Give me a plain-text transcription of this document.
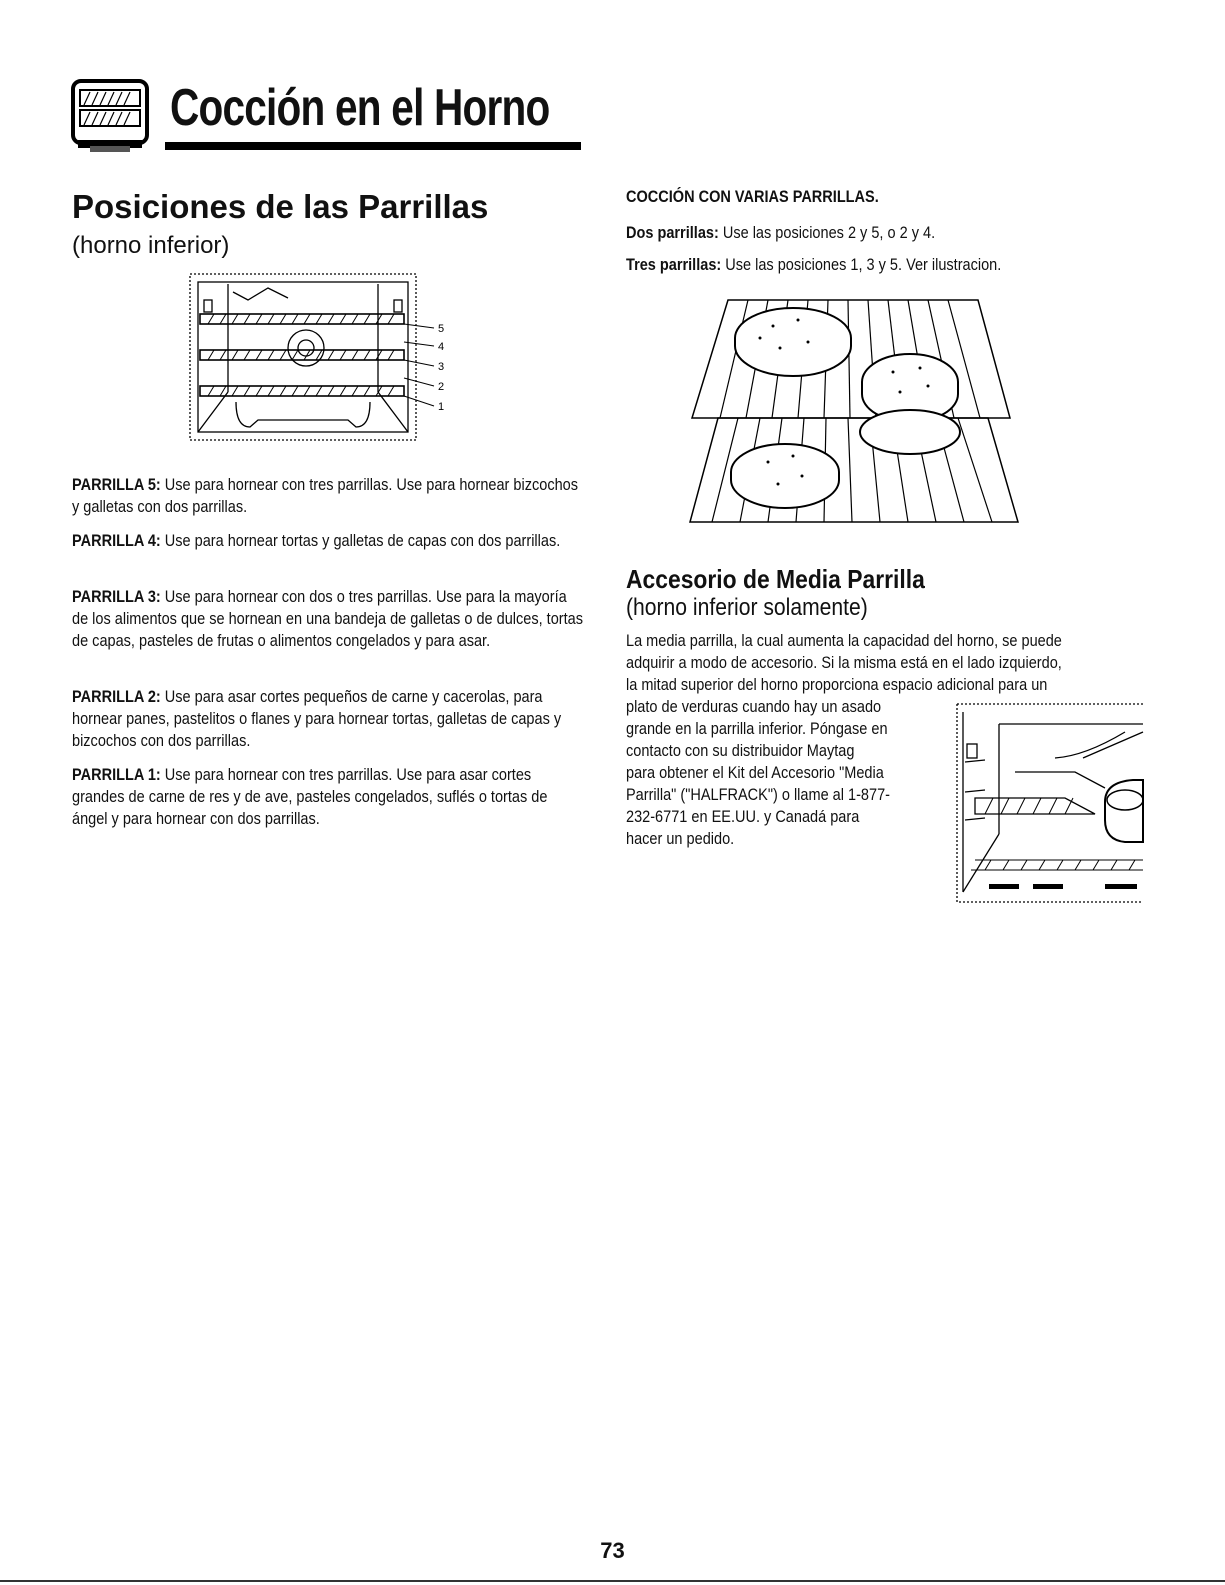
Cocción en el Horno
Posiciones de las Parrillas
(horno inferior)
5
4
3
2
1
PARRILLA 5: Use para hornear con tres parrillas. Use para hornear bizcochos y galletas con dos parrillas.
PARRILLA 4: Use para hornear tortas y galletas de capas con dos parrillas.
PARRILLA 3: Use para hornear con dos o tres parrillas. Use para la mayoría de los alimentos que se hornean en una bandeja de galletas o de dulces, tortas de capas, pasteles de frutas o alimentos congelados y para asar.
PARRILLA 2: Use para asar cortes pequeños de carne y cacerolas, para hornear panes, pastelitos o flanes y para hornear tortas, galletas de capas y bizcochos con dos parrillas.
PARRILLA 1: Use para hornear con tres parrillas. Use para asar cortes grandes de carne de res y de ave, pasteles congelados, suflés o tortas de ángel y para hornear con dos parrillas.
COCCIÓN CON VARIAS PARRILLAS.
Dos parrillas: Use las posiciones 2 y 5, o 2 y 4.
Tres parrillas: Use las posiciones 1, 3 y 5. Ver ilustracion.
Accesorio de Media Parrilla
(horno inferior solamente)
La media parrilla, la cual aumenta la capacidad del horno, se puede
adquirir a modo de accesorio. Si la misma está en el lado izquierdo,
la mitad superior del horno proporciona espacio adicional para un
plato de verduras cuando hay un asado
grande en la parrilla inferior. Póngase en
contacto con su distribuidor Maytag
para obtener el Kit del Accesorio "Media
Parrilla" ("HALFRACK") o llame al 1-877-
232-6771 en EE.UU. y Canadá para
hacer un pedido.
73
